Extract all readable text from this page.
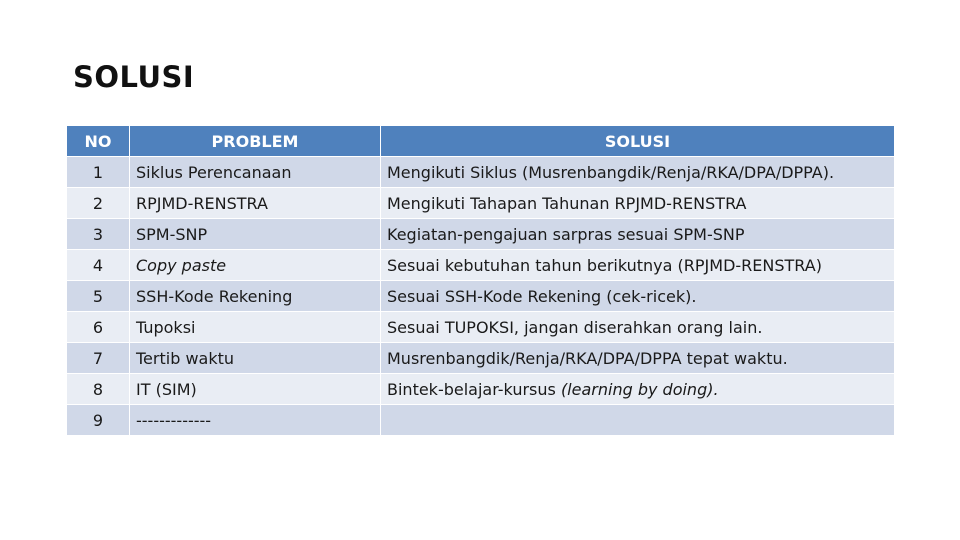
SOLUSI
NO	PROBLEM	SOLUSI
1	Siklus Perencanaan	Mengikuti Siklus (Musrenbangdik/Renja/RKA/DPA/DPPA).
2	RPJMD-RENSTRA	Mengikuti Tahapan Tahunan RPJMD-RENSTRA
3	SPM-SNP	Kegiatan-pengajuan sarpras sesuai SPM-SNP
4	Copy paste	Sesuai kebutuhan tahun berikutnya (RPJMD-RENSTRA)
5	SSH-Kode Rekening	Sesuai SSH-Kode Rekening (cek-ricek).
6	Tupoksi	Sesuai TUPOKSI, jangan diserahkan orang lain.
7	Tertib waktu	Musrenbangdik/Renja/RKA/DPA/DPPA tepat waktu.
8	IT (SIM)	Bintek-belajar-kursus (learning by doing).
9	-------------	
